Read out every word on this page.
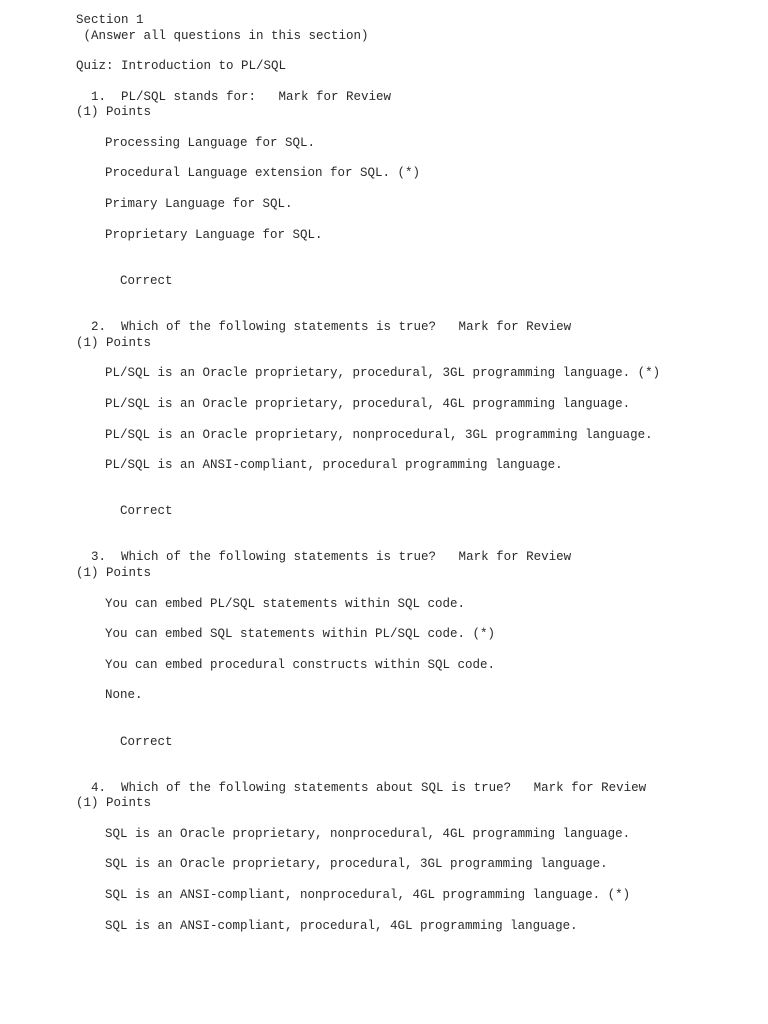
Section 1
(Answer all questions in this section)
Quiz: Introduction to PL/SQL
1.  PL/SQL stands for:   Mark for Review
(1) Points
Processing Language for SQL.
Procedural Language extension for SQL. (*)
Primary Language for SQL.
Proprietary Language for SQL.
Correct
2.  Which of the following statements is true?   Mark for Review
(1) Points
PL/SQL is an Oracle proprietary, procedural, 3GL programming language. (*)
PL/SQL is an Oracle proprietary, procedural, 4GL programming language.
PL/SQL is an Oracle proprietary, nonprocedural, 3GL programming language.
PL/SQL is an ANSI-compliant, procedural programming language.
Correct
3.  Which of the following statements is true?   Mark for Review
(1) Points
You can embed PL/SQL statements within SQL code.
You can embed SQL statements within PL/SQL code. (*)
You can embed procedural constructs within SQL code.
None.
Correct
4.  Which of the following statements about SQL is true?   Mark for Review
(1) Points
SQL is an Oracle proprietary, nonprocedural, 4GL programming language.
SQL is an Oracle proprietary, procedural, 3GL programming language.
SQL is an ANSI-compliant, nonprocedural, 4GL programming language. (*)
SQL is an ANSI-compliant, procedural, 4GL programming language.
